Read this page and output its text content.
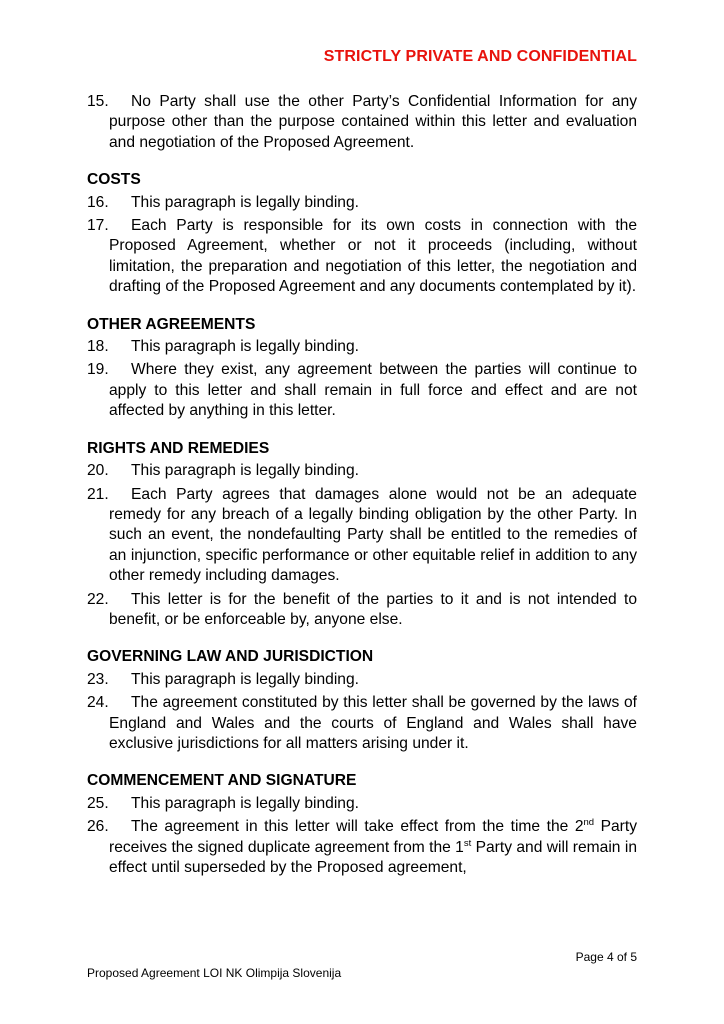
STRICTLY PRIVATE AND CONFIDENTIAL
15. No Party shall use the other Party’s Confidential Information for any purpose other than the purpose contained within this letter and evaluation and negotiation of the Proposed Agreement.
COSTS
16. This paragraph is legally binding.
17. Each Party is responsible for its own costs in connection with the Proposed Agreement, whether or not it proceeds (including, without limitation, the preparation and negotiation of this letter, the negotiation and drafting of the Proposed Agreement and any documents contemplated by it).
OTHER AGREEMENTS
18. This paragraph is legally binding.
19. Where they exist, any agreement between the parties will continue to apply to this letter and shall remain in full force and effect and are not affected by anything in this letter.
RIGHTS AND REMEDIES
20. This paragraph is legally binding.
21. Each Party agrees that damages alone would not be an adequate remedy for any breach of a legally binding obligation by the other Party. In such an event, the nondefaulting Party shall be entitled to the remedies of an injunction, specific performance or other equitable relief in addition to any other remedy including damages.
22. This letter is for the benefit of the parties to it and is not intended to benefit, or be enforceable by, anyone else.
GOVERNING LAW AND JURISDICTION
23. This paragraph is legally binding.
24. The agreement constituted by this letter shall be governed by the laws of England and Wales and the courts of England and Wales shall have exclusive jurisdictions for all matters arising under it.
COMMENCEMENT AND SIGNATURE
25. This paragraph is legally binding.
26. The agreement in this letter will take effect from the time the 2nd Party receives the signed duplicate agreement from the 1st Party and will remain in effect until superseded by the Proposed agreement,
Page 4 of 5
Proposed Agreement LOI NK Olimpija Slovenija
